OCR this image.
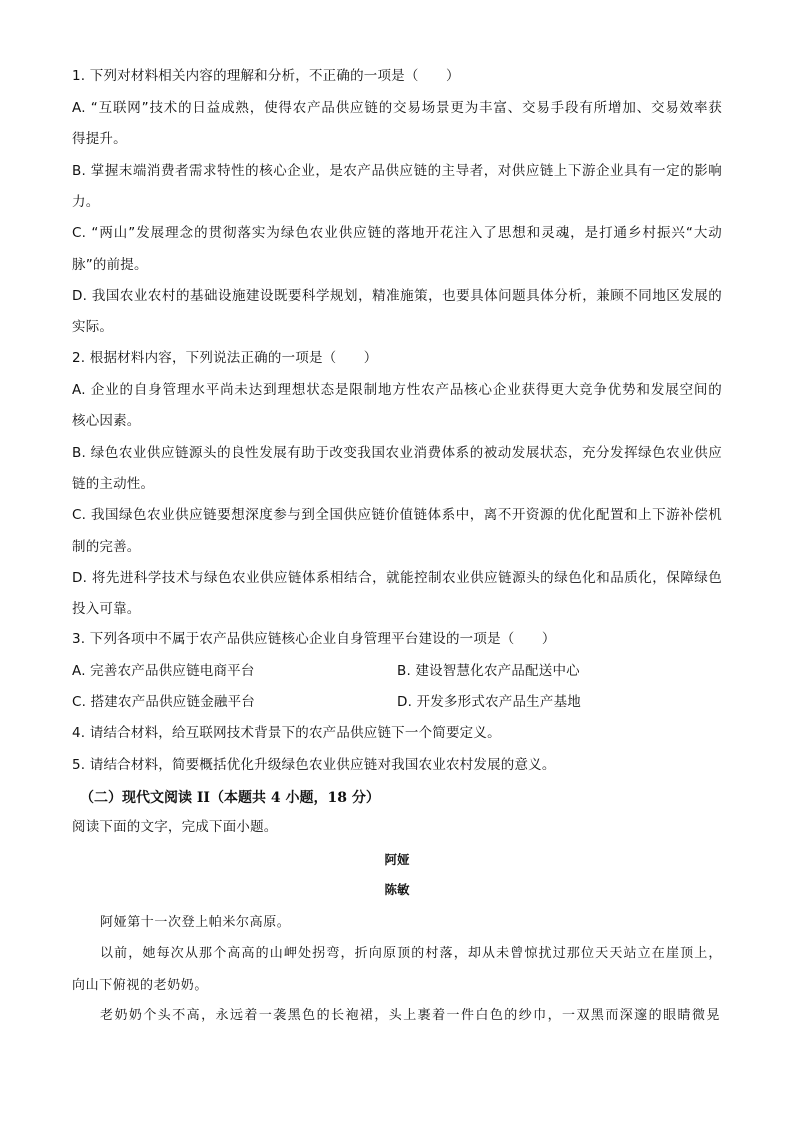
1. 下列对材料相关内容的理解和分析，不正确的一项是（　　）
A. “互联网”技术的日益成熟，使得农产品供应链的交易场景更为丰富、交易手段有所增加、交易效率获
得提升。
B. 掌握末端消费者需求特性的核心企业，是农产品供应链的主导者，对供应链上下游企业具有一定的影响
力。
C. “两山”发展理念的贯彻落实为绿色农业供应链的落地开花注入了思想和灵魂，是打通乡村振兴“大动
脉”的前提。
D. 我国农业农村的基础设施建设既要科学规划，精准施策，也要具体问题具体分析，兼顾不同地区发展的
实际。
2. 根据材料内容，下列说法正确的一项是（　　）
A. 企业的自身管理水平尚未达到理想状态是限制地方性农产品核心企业获得更大竞争优势和发展空间的
核心因素。
B. 绿色农业供应链源头的良性发展有助于改变我国农业消费体系的被动发展状态，充分发挥绿色农业供应
链的主动性。
C. 我国绿色农业供应链要想深度参与到全国供应链价值链体系中，离不开资源的优化配置和上下游补偿机
制的完善。
D. 将先进科学技术与绿色农业供应链体系相结合，就能控制农业供应链源头的绿色化和品质化，保障绿色
投入可靠。
3. 下列各项中不属于农产品供应链核心企业自身管理平台建设的一项是（　　）
A. 完善农产品供应链电商平台	B. 建设智慧化农产品配送中心
C. 搭建农产品供应链金融平台	D. 开发多形式农产品生产基地
4. 请结合材料，给互联网技术背景下的农产品供应链下一个简要定义。
5. 请结合材料，简要概括优化升级绿色农业供应链对我国农业农村发展的意义。
（二）现代文阅读 II（本题共 4 小题，18 分）
阅读下面的文字，完成下面小题。
阿娅
陈敏
阿娅第十一次登上帕米尔高原。
以前，她每次从那个高高的山岬处拐弯，折向原顶的村落，却从未曾惊扰过那位天天站立在崖顶上，
向山下俯视的老奶奶。
老奶奶个头不高，永远着一袭黑色的长袍裙，头上裹着一件白色的纱巾，一双黑而深邃的眼睛微晃
